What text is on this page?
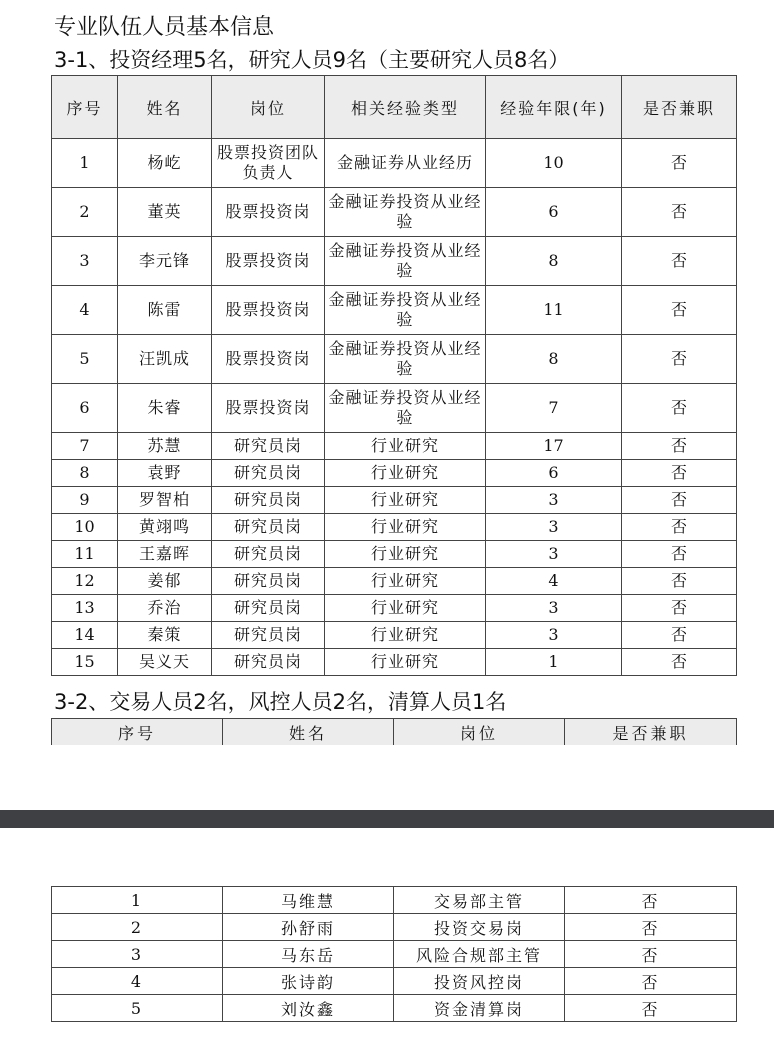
专业队伍人员基本信息
3-1、投资经理5名，研究人员9名（主要研究人员8名）
序号	姓名	岗位	相关经验类型	经验年限(年)	是否兼职
1	杨屹	股票投资团队负责人	金融证券从业经历	10	否
2	董英	股票投资岗	金融证券投资从业经验	6	否
3	李元锋	股票投资岗	金融证券投资从业经验	8	否
4	陈雷	股票投资岗	金融证券投资从业经验	11	否
5	汪凯成	股票投资岗	金融证券投资从业经验	8	否
6	朱睿	股票投资岗	金融证券投资从业经验	7	否
7	苏慧	研究员岗	行业研究	17	否
8	袁野	研究员岗	行业研究	6	否
9	罗智柏	研究员岗	行业研究	3	否
10	黄翊鸣	研究员岗	行业研究	3	否
11	王嘉晖	研究员岗	行业研究	3	否
12	姜郁	研究员岗	行业研究	4	否
13	乔治	研究员岗	行业研究	3	否
14	秦策	研究员岗	行业研究	3	否
15	吴义天	研究员岗	行业研究	1	否
3-2、交易人员2名，风控人员2名，清算人员1名
序号	姓名	岗位	是否兼职
1	马维慧	交易部主管	否
2	孙舒雨	投资交易岗	否
3	马东岳	风险合规部主管	否
4	张诗韵	投资风控岗	否
5	刘汝鑫	资金清算岗	否
